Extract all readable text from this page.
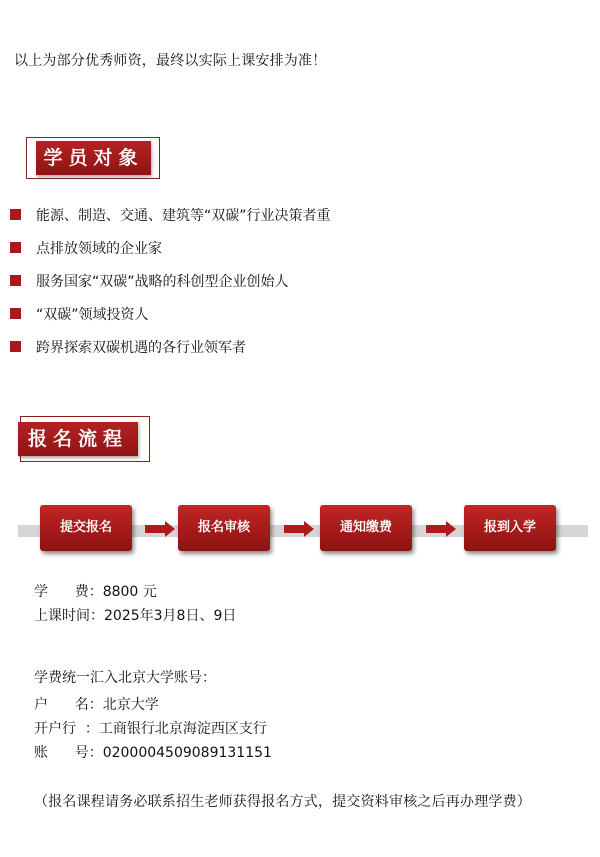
以上为部分优秀师资，最终以实际上课安排为准！
学员对象
能源、制造、交通、建筑等“双碳”行业决策者重
点排放领域的企业家
服务国家“双碳”战略的科创型企业创始人
“双碳”领域投资人
跨界探索双碳机遇的各行业领军者
报名流程
提交报名	报名审核	通知缴费	报到入学
学      费：8800 元
上课时间：2025年3月8日、9日
学费统一汇入北京大学账号：
户      名：北京大学
开户行  ：工商银行北京海淀西区支行
账      号：0200004509089131151
（报名课程请务必联系招生老师获得报名方式，提交资料审核之后再办理学费）
